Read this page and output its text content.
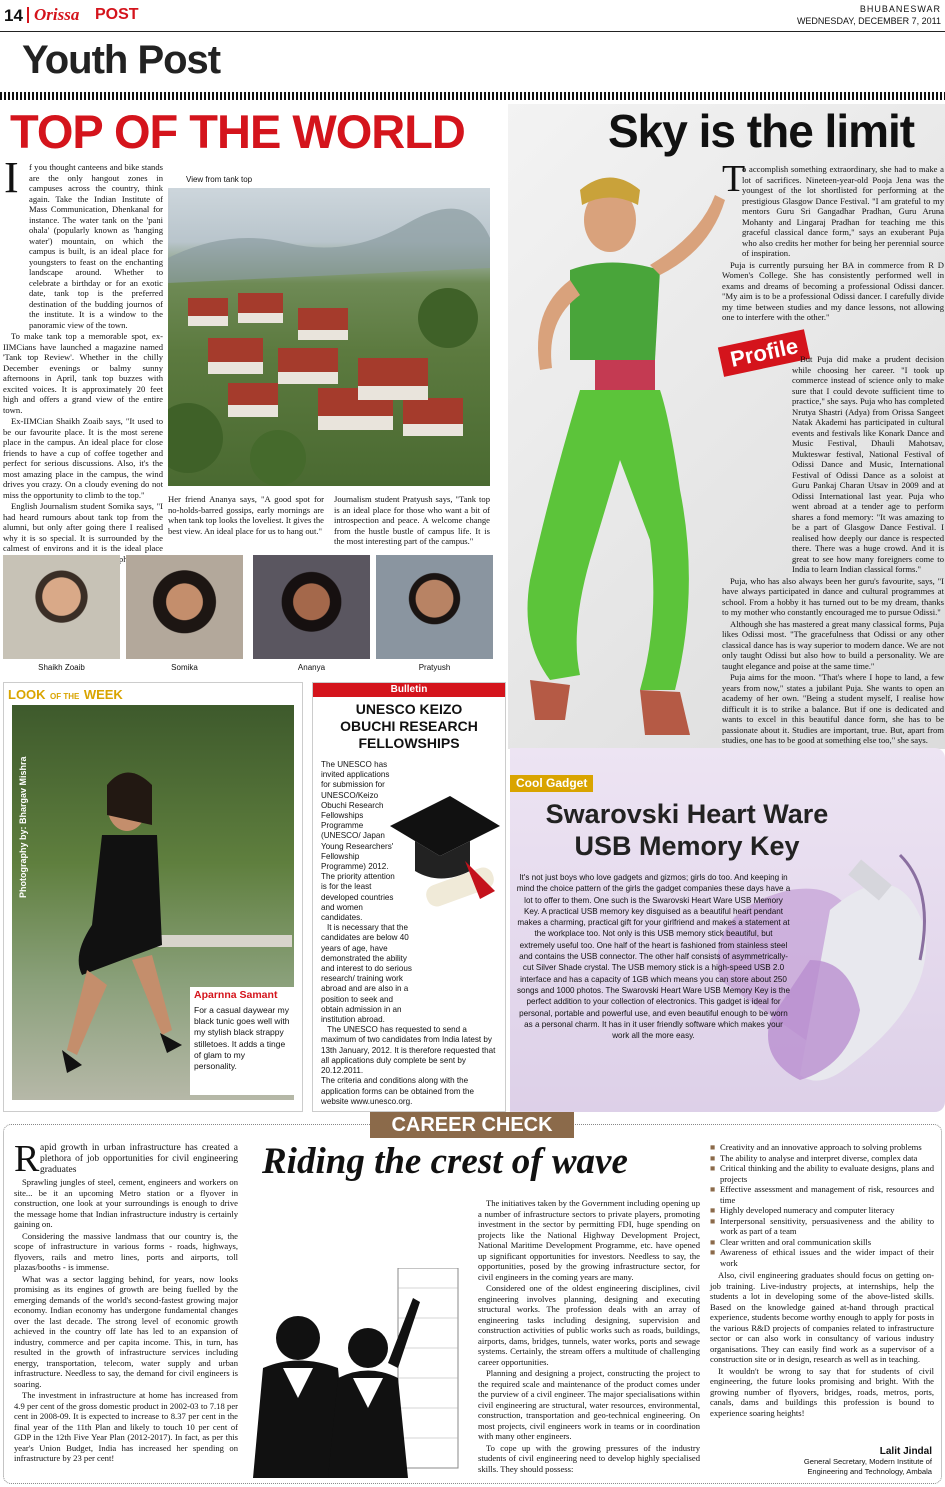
14 Orissa POST	BHUBANESWAR
WEDNESDAY, DECEMBER 7, 2011
Youth Post
TOP OF THE WORLD
I	f you thought canteens and bike stands are the only hangout zones in campuses across the country, think again. Take the Indian Institute of Mass Communication, Dhenkanal for instance. The water tank on the 'pani ohala' (popularly known as 'hanging water') mountain, on which the campus is built, is an ideal place for youngsters to feast on the enchanting landscape around. Whether to celebrate a birthday or for an exotic date, tank top is the preferred destination of the budding journos of the institute. It is a window to the panoramic view of the town.

To make tank top a memorable spot, ex-IIMCians have launched a magazine named 'Tank top Review'. Whether in the chilly December evenings or balmy sunny afternoons in April, tank top buzzes with excited voices. It is approximately 20 feet high and offers a grand view of the entire town.

Ex-IIMCian Shaikh Zoaib says, "It used to be our favourite place. It is the most serene place in the campus. An ideal place for close friends to have a cup of coffee together and perfect for serious discussions. Also, it's the most amazing place in the campus, the wind drives you crazy. On a cloudy evening do not miss the opportunity to climb to the top."

English Journalism student Somika says, "I had heard rumours about tank top from the alumni, but only after going there I realised why it is so special. It is surrounded by the calmest of environs and it is the ideal place

View from tank top
Her friend Ananya says, "A good spot for no-holds-barred gossips, early mornings are when tank top looks the loveliest. It gives the best view. An ideal place for us to hang out."
Journalism student Pratyush says, "Tank top is an ideal place for those who want a bit of introspection and peace. A welcome change from the hustle bustle of campus life. It is the most interesting part of the campus."
Shaikh Zoaib	Somika	Ananya	Pratyush
Sky is the limit
Profile
T

o accomplish something extraordinary, she had to make a lot of sacrifices. Nineteen-year-old Pooja Jena was the youngest of the lot shortlisted for performing at the prestigious Glasgow Dance Festival. "I am grateful to my mentors Guru Sri Gangadhar Pradhan, Guru Aruna Mohanty and Lingaraj Pradhan for teaching me this graceful classical dance form," says an exuberant Puja who also credits her mother for being her perennial source of inspiration.

Puja is currently pursuing her BA in commerce from R D Women's College. She has consistently performed well in exams and dreams of becoming a professional Odissi dancer. "My aim is to be a professional Odissi dancer. I carefully divide my time between studies and my dance lessons, not allowing one to interfere with the other."

But Puja did make a prudent decision while choosing her career. "I took up commerce instead of science only to make sure that I could devote sufficient time to practice," she says. Puja who has completed Nrutya Shastri (Adya) from Orissa Sangeet Natak Akademi has participated in cultural events and festivals like Konark Dance and Music Festival, Dhauli Mahotsav, Mukteswar festival, National Festival of Odissi Dance and Music, International Festival of Odissi Dance as a soloist at Guru Pankaj Charan Utsav in 2009 and at Odissi International last year. Puja who went abroad at a tender age to perform shares a fond memory: "It was amazing to be a part of Glasgow Dance Festival. I realised how deeply our dance is respected there. There was a huge crowd. And it is great to see how many foreigners come to India to learn Indian classical forms."

Puja, who has also always been her guru's favourite, says, "I have always participated in dance and cultural programmes at school. From a hobby it has turned out to be my dream, thanks to my mother who constantly encouraged me to pursue Odissi."

Although she has mastered a great many classical forms, Puja likes Odissi most. "The gracefulness that Odissi or any other classical dance has is way superior to modern dance. We are not only taught Odissi but also how to build a personality. We are taught elegance and poise at the same time."

Puja aims for the moon. "That's where I hope to land, a few years from now," states a jubilant Puja. She wants to open an academy of her own. "Being a student myself, I realise how difficult it is to strike a balance. But if one is dedicated and wants to excel in this beautiful dance form, she has to be passionate about it. Studies are important, true. But, apart from studies, one has to be good at something else too," she says.

LOOK OF THE WEEK
Photography by: Bhargav Mishra
Aparnna Samant
For a casual daywear my black tunic goes well with my stylish black strappy stilletoes. It adds a tinge of glam to my personality.
Bulletin
UNESCO KEIZO OBUCHI RESEARCH FELLOWSHIPS

The UNESCO has invited applications for submission for UNESCO/Keizo Obuchi Research Fellowships Programme (UNESCO/ Japan Young Researchers' Fellowship Programme) 2012. The priority attention is for the least developed countries and women candidates.

It is necessary that the candidates are below 40 years of age, have demonstrated the ability and interest to do serious research/ training work abroad and are also in a position to seek and obtain admission in an institution abroad.

The UNESCO has requested to send a maximum of two candidates from India latest by 13th January, 2012. It is therefore requested that all applications duly complete be sent by 20.12.2011.

The criteria and conditions along with the application forms can be obtained from the website www.unesco.org.

Cool Gadget
Swarovski Heart Ware
USB Memory Key
It's not just boys who love gadgets and gizmos; girls do too. And keeping in mind the choice pattern of the girls the gadget companies these days have a lot to offer to them. One such is the Swarovski Heart Ware USB Memory Key. A practical USB memory key disguised as a beautiful heart pendant makes a charming, practical gift for your girlfriend and makes a statement at the workplace too. Not only is this USB memory stick beautiful, but extremely useful too. One half of the heart is fashioned from stainless steel and contains the USB connector. The other half consists of asymmetrically-cut Silver Shade crystal. The USB memory stick is a high-speed USB 2.0 interface and has a capacity of 1GB which means you can store about 250 songs and 1000 photos. The Swarovski Heart Ware USB Memory Key is the perfect addition to your collection of electronics. This gadget is ideal for personal, portable and powerful use, and even beautiful enough to be worn as a personal charm. It has in it user friendly software which makes your work all the more easy.
CAREER CHECK
Riding the crest of wave
R apid growth in urban infrastructure has created a plethora of job opportunities for civil engineering graduates

Sprawling jungles of steel, cement, engineers and workers on site... be it an upcoming Metro station or a flyover in construction, one look at your surroundings is enough to drive the message home that Indian infrastructure industry is certainly gaining on.

Considering the massive landmass that our country is, the scope of infrastructure in various forms - roads, highways, flyovers, rails and metro lines, ports and airports, toll plazas/booths - is immense.

What was a sector lagging behind, for years, now looks promising as its engines of growth are being fuelled by the emerging demands of the world's second-fastest growing major economy. Indian economy has undergone fundamental changes over the last decade. The strong level of economic growth achieved in the country off late has led to an expansion of industry, commerce and per capita income. This, in turn, has resulted in the growth of infrastructure services including energy, transportation, telecom, water supply and urban infrastructure. Needless to say, the demand for civil engineers is soaring.

The investment in infrastructure at home has increased from 4.9 per cent of the gross domestic product in 2002-03 to 7.18 per cent in 2008-09. It is expected to increase to 8.37 per cent in the final year of the 11th Plan and likely to touch 10 per cent of GDP in the 12th Five Year Plan (2012-2017). In fact, as per this year's Union Budget, India has increased her spending on infrastructure by 23 per cent!

The initiatives taken by the Government including opening up a number of infrastructure sectors to private players, promoting investment in the sector by permitting FDI, huge spending on projects like the National Highway Development Project, National Maritime Development Programme, etc. have opened up significant opportunities for investors. Needless to say, the opportunities, posed by the growing infrastructure sector, for civil engineers in the coming years are many.

Considered one of the oldest engineering disciplines, civil engineering involves planning, designing and executing structural works. The profession deals with an array of engineering tasks including designing, supervision and construction activities of public works such as roads, buildings, airports, dams, bridges, tunnels, water works, ports and sewage systems. Certainly, the stream offers a multitude of challenging career opportunities.

Planning and designing a project, constructing the project to the required scale and maintenance of the product comes under the purview of a civil engineer. The major specialisations within civil engineering are structural, water resources, environmental, construction, transportation and geo-technical engineering. On most projects, civil engineers work in teams or in coordination with many other engineers.

To cope up with the growing pressures of the industry students of civil engineering need to develop highly specialised skills. They should possess:

■ Creativity and an innovative approach to solving problems
■ The ability to analyse and interpret diverse, complex data
■ Critical thinking and the ability to evaluate designs, plans and projects
■ Effective assessment and management of risk, resources and time
■ Highly developed numeracy and computer literacy
■ Interpersonal sensitivity, persuasiveness and the ability to work as part of a team
■ Clear written and oral communication skills
■ Awareness of ethical issues and the wider impact of their work

Also, civil engineering graduates should focus on getting on-job training. Live-industry projects, at internships, help the students a lot in developing some of the above-listed skills. Based on the knowledge gained at-hand through practical experience, students become worthy enough to apply for posts in the various R&D projects of companies related to infrastructure sector or can also work in consultancy of various industry organisations. They can easily find work as a supervisor of a construction site or in design, research as well as in teaching.

It wouldn't be wrong to say that for students of civil engineering, the future looks promising and bright. With the growing number of flyovers, bridges, roads, metros, ports, canals, dams and buildings this profession is bound to experience soaring heights!

Lalit Jindal
General Secretary, Modern Institute of
Engineering and Technology, Ambala
